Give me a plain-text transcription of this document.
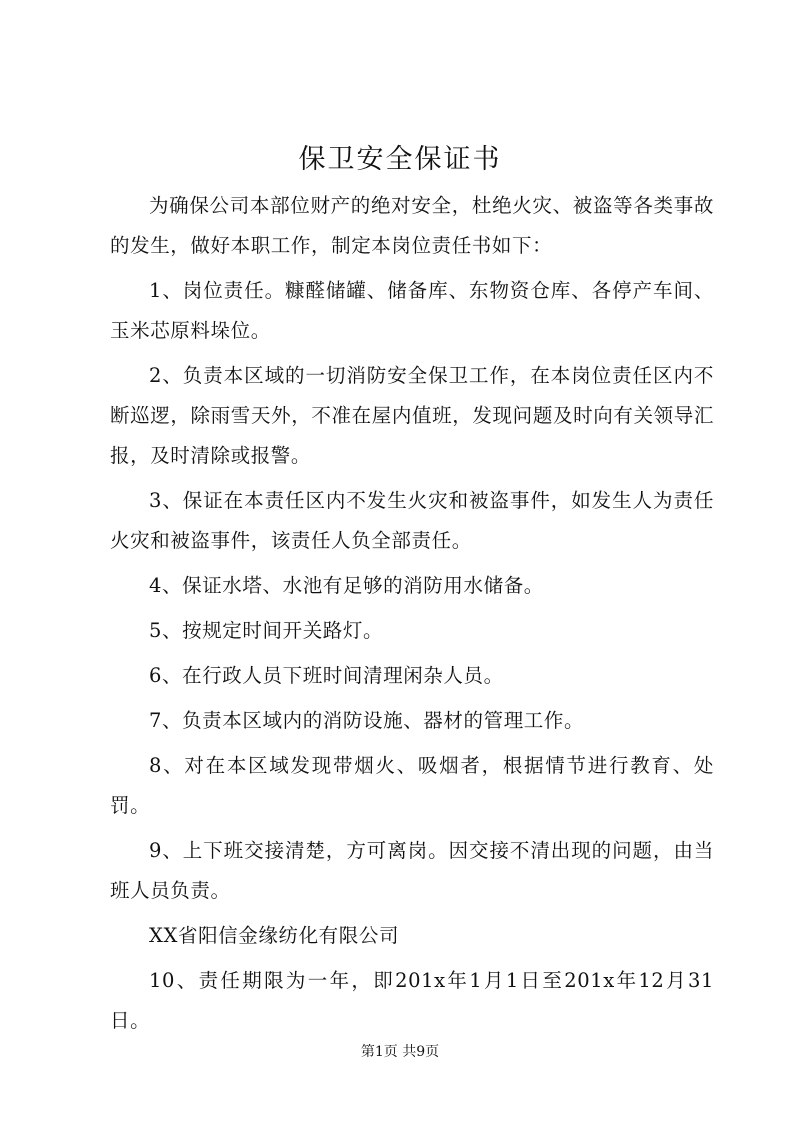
保卫安全保证书

为确保公司本部位财产的绝对安全，杜绝火灾、被盗等各类事故的发生，做好本职工作，制定本岗位责任书如下：

1、岗位责任。糠醛储罐、储备库、东物资仓库、各停产车间、玉米芯原料垛位。

2、负责本区域的一切消防安全保卫工作，在本岗位责任区内不断巡逻，除雨雪天外，不准在屋内值班，发现问题及时向有关领导汇报，及时清除或报警。

3、保证在本责任区内不发生火灾和被盗事件，如发生人为责任火灾和被盗事件，该责任人负全部责任。

4、保证水塔、水池有足够的消防用水储备。

5、按规定时间开关路灯。

6、在行政人员下班时间清理闲杂人员。

7、负责本区域内的消防设施、器材的管理工作。

8、对在本区域发现带烟火、吸烟者，根据情节进行教育、处罚。

9、上下班交接清楚，方可离岗。因交接不清出现的问题，由当班人员负责。

XX省阳信金缘纺化有限公司

10、责任期限为一年，即201x年1月1日至201x年12月31日。

第1页 共9页
